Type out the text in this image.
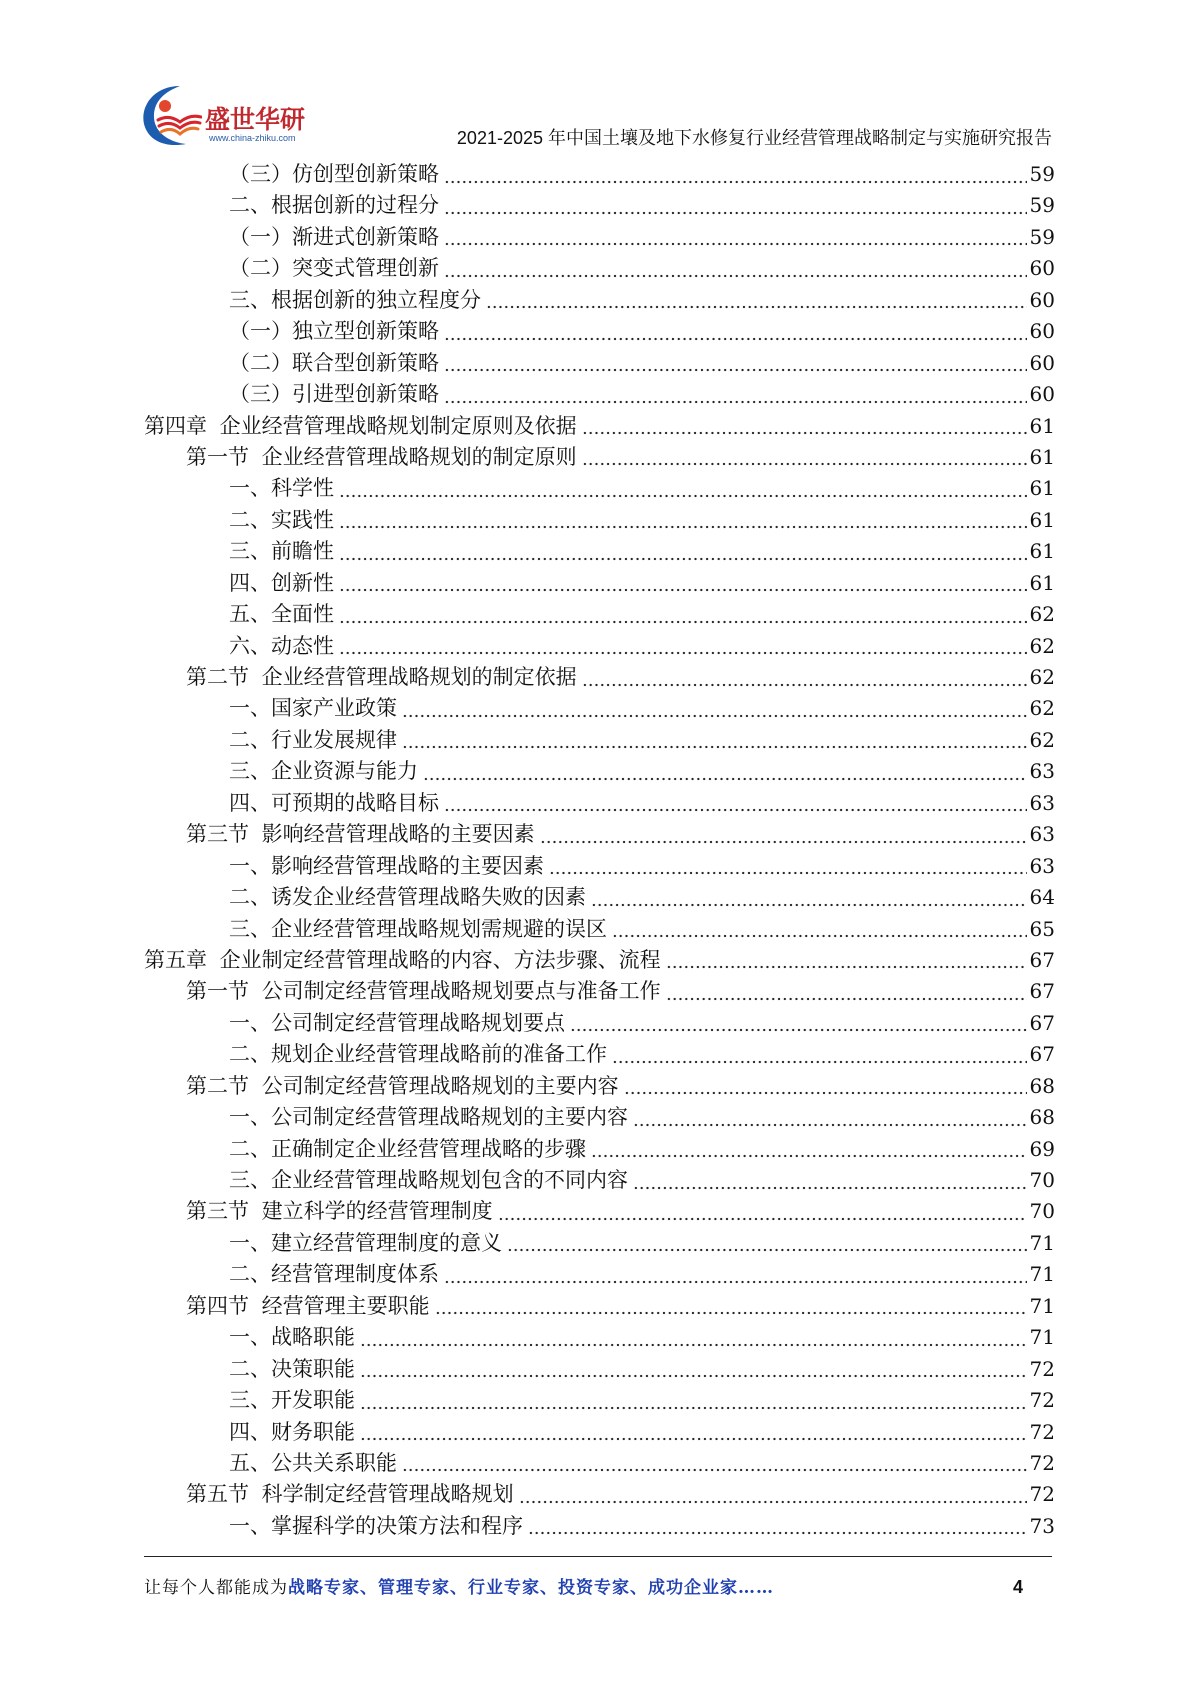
盛世华研
www.china-zhiku.com	2021-2025 年中国土壤及地下水修复行业经营管理战略制定与实施研究报告
（三）仿创型创新策略	59
二、根据创新的过程分	59
（一）渐进式创新策略	59
（二）突变式管理创新	60
三、根据创新的独立程度分	60
（一）独立型创新策略	60
（二）联合型创新策略	60
（三）引进型创新策略	60
第四章 企业经营管理战略规划制定原则及依据	61
第一节 企业经营管理战略规划的制定原则	61
一、科学性	61
二、实践性	61
三、前瞻性	61
四、创新性	61
五、全面性	62
六、动态性	62
第二节 企业经营管理战略规划的制定依据	62
一、国家产业政策	62
二、行业发展规律	62
三、企业资源与能力	63
四、可预期的战略目标	63
第三节 影响经营管理战略的主要因素	63
一、影响经营管理战略的主要因素	63
二、诱发企业经营管理战略失败的因素	64
三、企业经营管理战略规划需规避的误区	65
第五章 企业制定经营管理战略的内容、方法步骤、流程	67
第一节 公司制定经营管理战略规划要点与准备工作	67
一、公司制定经营管理战略规划要点	67
二、规划企业经营管理战略前的准备工作	67
第二节 公司制定经营管理战略规划的主要内容	68
一、公司制定经营管理战略规划的主要内容	68
二、正确制定企业经营管理战略的步骤	69
三、企业经营管理战略规划包含的不同内容	70
第三节 建立科学的经营管理制度	70
一、建立经营管理制度的意义	71
二、经营管理制度体系	71
第四节 经营管理主要职能	71
一、战略职能	71
二、决策职能	72
三、开发职能	72
四、财务职能	72
五、公共关系职能	72
第五节 科学制定经营管理战略规划	72
一、掌握科学的决策方法和程序	73
让每个人都能成为战略专家、管理专家、行业专家、投资专家、成功企业家……	4
